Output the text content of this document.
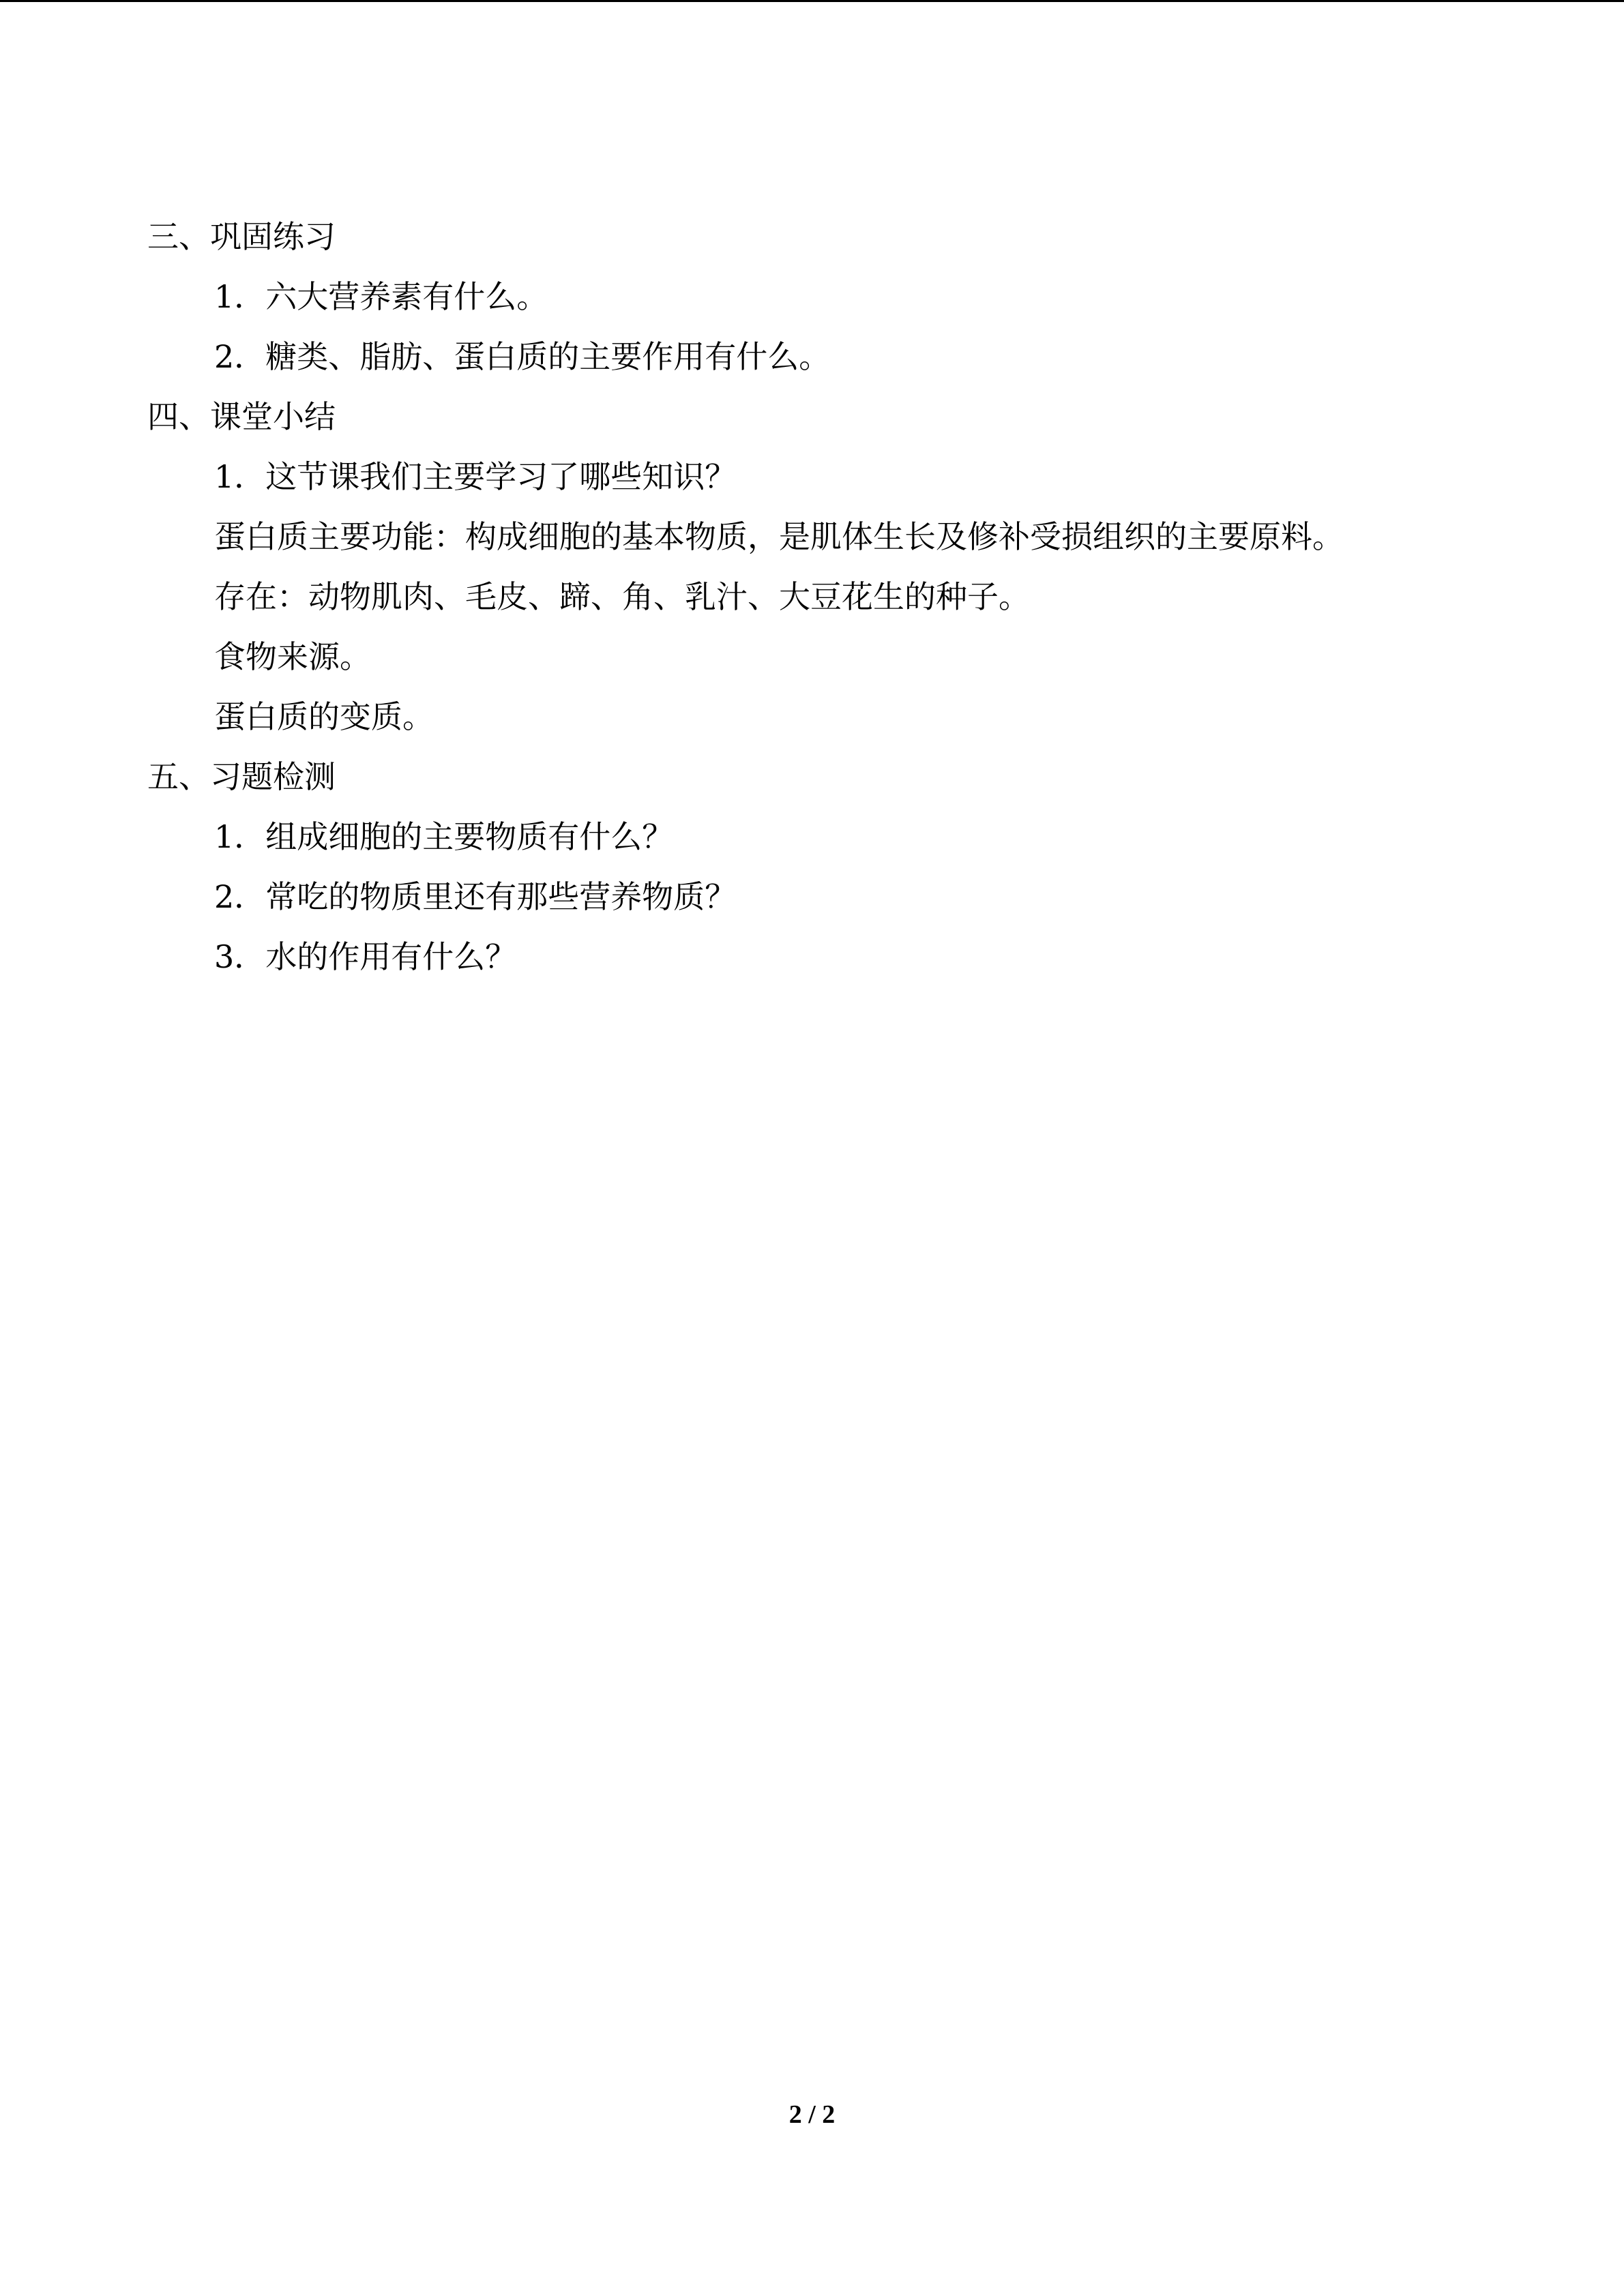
三、巩固练习
1．六大营养素有什么。
2．糖类、脂肪、蛋白质的主要作用有什么。
四、课堂小结
1．这节课我们主要学习了哪些知识？
蛋白质主要功能：构成细胞的基本物质，是肌体生长及修补受损组织的主要原料。
存在：动物肌肉、毛皮、蹄、角、乳汁、大豆花生的种子。
食物来源。
蛋白质的变质。
五、习题检测
1．组成细胞的主要物质有什么？
2．常吃的物质里还有那些营养物质？
3．水的作用有什么？
2 / 2
